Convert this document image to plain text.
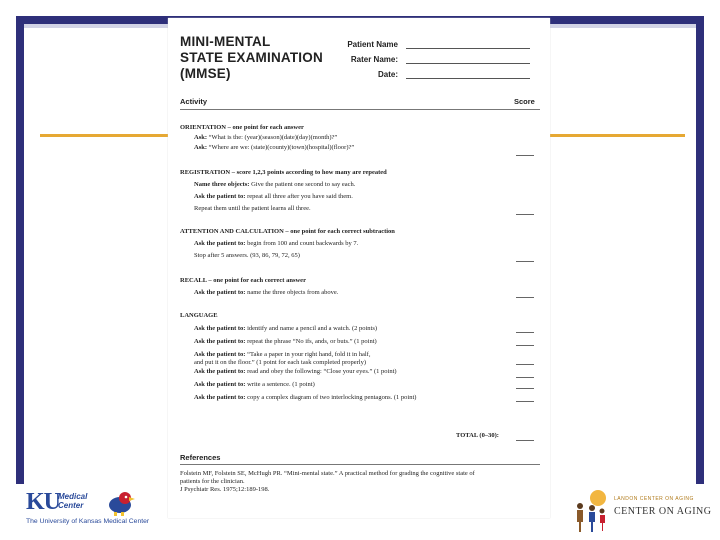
MINI-MENTAL
STATE EXAMINATION
(MMSE)
Patient Name
Rater Name:
Date:
Activity	Score
ORIENTATION – one point for each answer
Ask: “What is the: (year)(season)(date)(day)(month)?”
Ask: “Where are we: (state)(county)(town)(hospital)(floor)?”
REGISTRATION – score 1,2,3 points according to how many are repeated
Name three objects: Give the patient one second to say each.
Ask the patient to: repeat all three after you have said them.
Repeat them until the patient learns all three.
ATTENTION AND CALCULATION – one point for each correct subtraction
Ask the patient to: begin from 100 and count backwards by 7.
Stop after 5 answers. (93, 86, 79, 72, 65)
RECALL – one point for each correct answer
Ask the patient to: name the three objects from above.
LANGUAGE
Ask the patient to: identify and name a pencil and a watch. (2 points)
Ask the patient to: repeat the phrase “No ifs, ands, or buts.” (1 point)
Ask the patient to: “Take a paper in your right hand, fold it in half,
and put it on the floor.” (1 point for each task completed properly)
Ask the patient to: read and obey the following: “Close your eyes.” (1 point)
Ask the patient to: write a sentence. (1 point)
Ask the patient to: copy a complex diagram of two interlocking pentagons. (1 point)
TOTAL (0–30):
References
Folstein MF, Folstein SE, McHugh PR. “Mini-mental state.” A practical method for grading the cognitive state of
patients for the clinician.
J Psychiatr Res. 1975;12:189-198.
KU
Medical
Center
The University of Kansas Medical Center
LANDON CENTER ON AGING
CENTER ON AGING
